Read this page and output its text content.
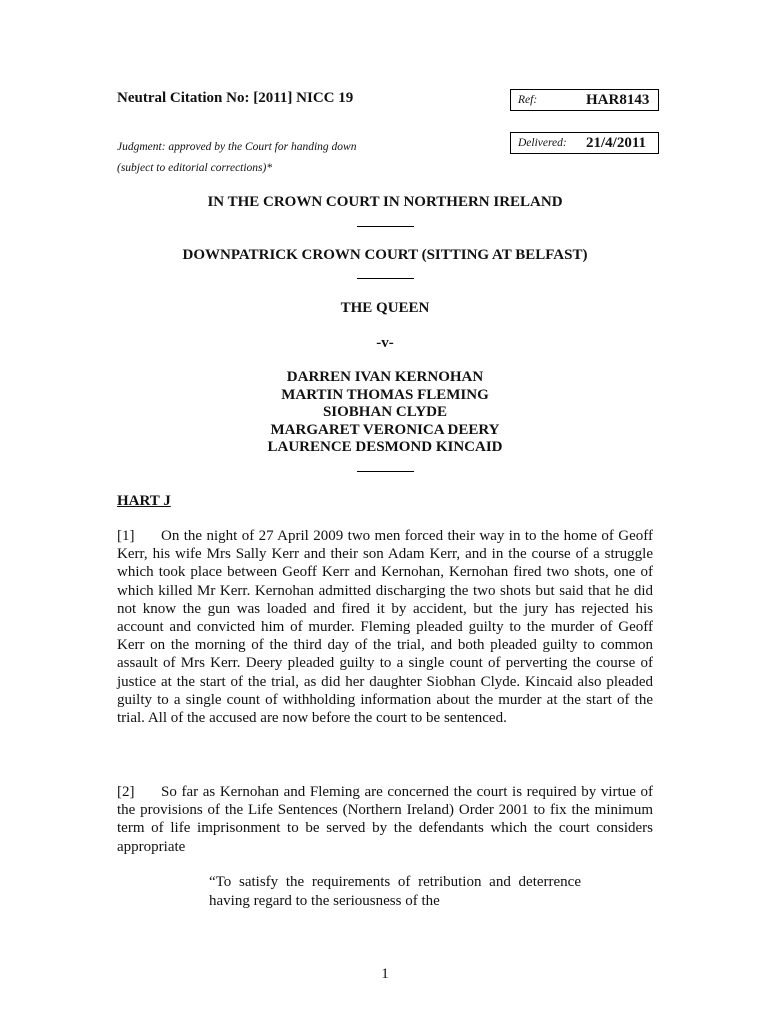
Neutral Citation No: [2011] NICC 19	Ref:	HAR8143
Judgment: approved by the Court for handing down
(subject to editorial corrections)*
Delivered: 21/4/2011
IN THE CROWN COURT IN NORTHERN IRELAND
DOWNPATRICK CROWN COURT (SITTING AT BELFAST)
THE QUEEN
-v-
DARREN IVAN KERNOHAN
MARTIN THOMAS FLEMING
SIOBHAN CLYDE
MARGARET VERONICA DEERY
LAURENCE DESMOND KINCAID
HART J
[1] On the night of 27 April 2009 two men forced their way in to the home of Geoff Kerr, his wife Mrs Sally Kerr and their son Adam Kerr, and in the course of a struggle which took place between Geoff Kerr and Kernohan, Kernohan fired two shots, one of which killed Mr Kerr. Kernohan admitted discharging the two shots but said that he did not know the gun was loaded and fired it by accident, but the jury has rejected his account and convicted him of murder. Fleming pleaded guilty to the murder of Geoff Kerr on the morning of the third day of the trial, and both pleaded guilty to common assault of Mrs Kerr. Deery pleaded guilty to a single count of perverting the course of justice at the start of the trial, as did her daughter Siobhan Clyde. Kincaid also pleaded guilty to a single count of withholding information about the murder at the start of the trial. All of the accused are now before the court to be sentenced.
[2] So far as Kernohan and Fleming are concerned the court is required by virtue of the provisions of the Life Sentences (Northern Ireland) Order 2001 to fix the minimum term of life imprisonment to be served by the defendants which the court considers appropriate
“To satisfy the requirements of retribution and deterrence having regard to the seriousness of the
1
